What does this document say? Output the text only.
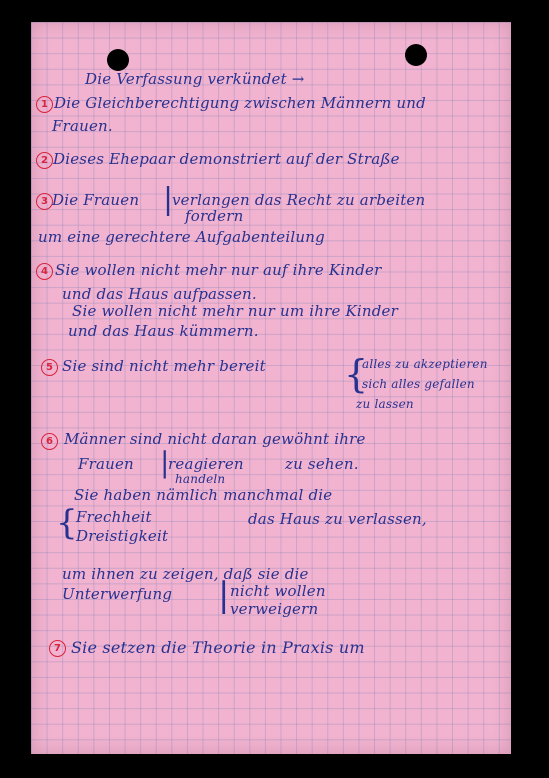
Die Verfassung verkündet →
1 Die Gleichberechtigung zwischen Männern und
Frauen.
2 Dieses Ehepaar demonstriert auf der Straße
3 Die Frauen |
verlangen das Recht zu arbeiten
fordern
um eine gerechtere Aufgabenteilung
4 Sie wollen nicht mehr nur auf ihre Kinder
und das Haus aufpassen.
Sie wollen nicht mehr nur um ihre Kinder
und das Haus kümmern.
5 Sie sind nicht mehr bereit {
alles zu akzeptieren
sich alles gefallen
zu lassen
6 Männer sind nicht daran gewöhnt ihre
Frauen |
reagieren
handeln
zu sehen.
Sie haben nämlich manchmal die
{
Frechheit
Dreistigkeit
das Haus zu verlassen,
um ihnen zu zeigen, daß sie die
Unterwerfung | nicht wollen
verweigern
7 Sie setzen die Theorie in Praxis um
